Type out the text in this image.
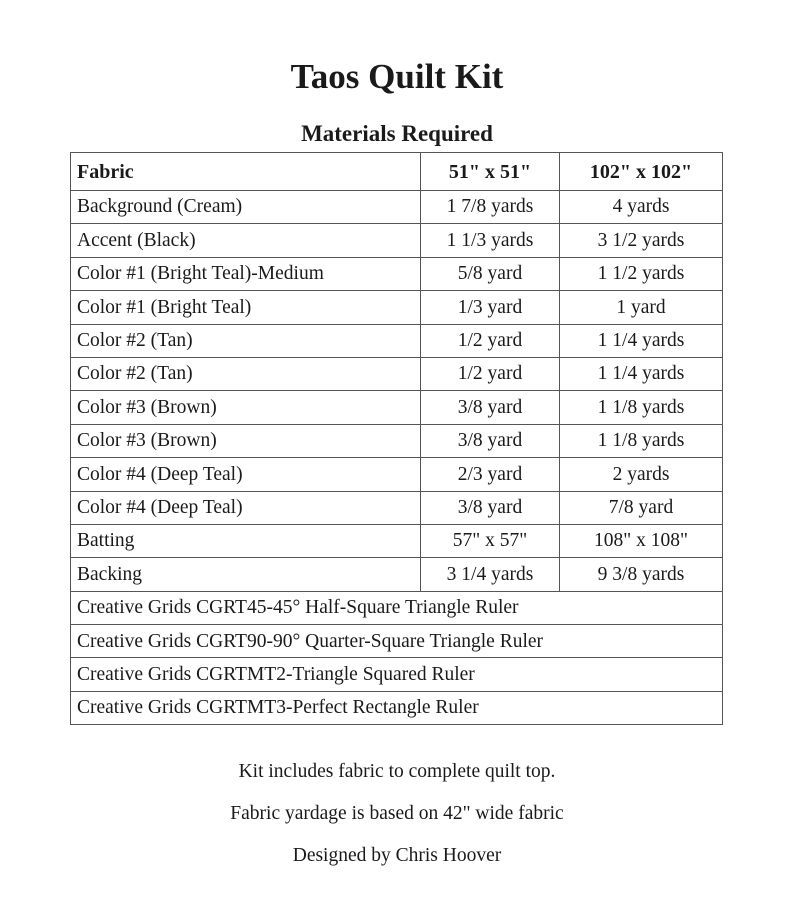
Taos Quilt Kit
Materials Required
Fabric	51" x 51"	102" x 102"
Background (Cream)	1 7/8 yards	4 yards
Accent (Black)	1 1/3 yards	3 1/2 yards
Color #1 (Bright Teal)-Medium	5/8 yard	1 1/2 yards
Color #1 (Bright Teal)	1/3 yard	1 yard
Color #2 (Tan)	1/2 yard	1 1/4 yards
Color #2 (Tan)	1/2 yard	1 1/4 yards
Color #3 (Brown)	3/8 yard	1 1/8 yards
Color #3 (Brown)	3/8 yard	1 1/8 yards
Color #4 (Deep Teal)	2/3 yard	2 yards
Color #4 (Deep Teal)	3/8 yard	7/8 yard
Batting	57" x 57"	108" x 108"
Backing	3 1/4 yards	9 3/8 yards
Creative Grids CGRT45-45° Half-Square Triangle Ruler		
Creative Grids CGRT90-90° Quarter-Square Triangle Ruler		
Creative Grids CGRTMT2-Triangle Squared Ruler		
Creative Grids CGRTMT3-Perfect Rectangle Ruler		

Kit includes fabric to complete quilt top.

Fabric yardage is based on 42" wide fabric

Designed by Chris Hoover
